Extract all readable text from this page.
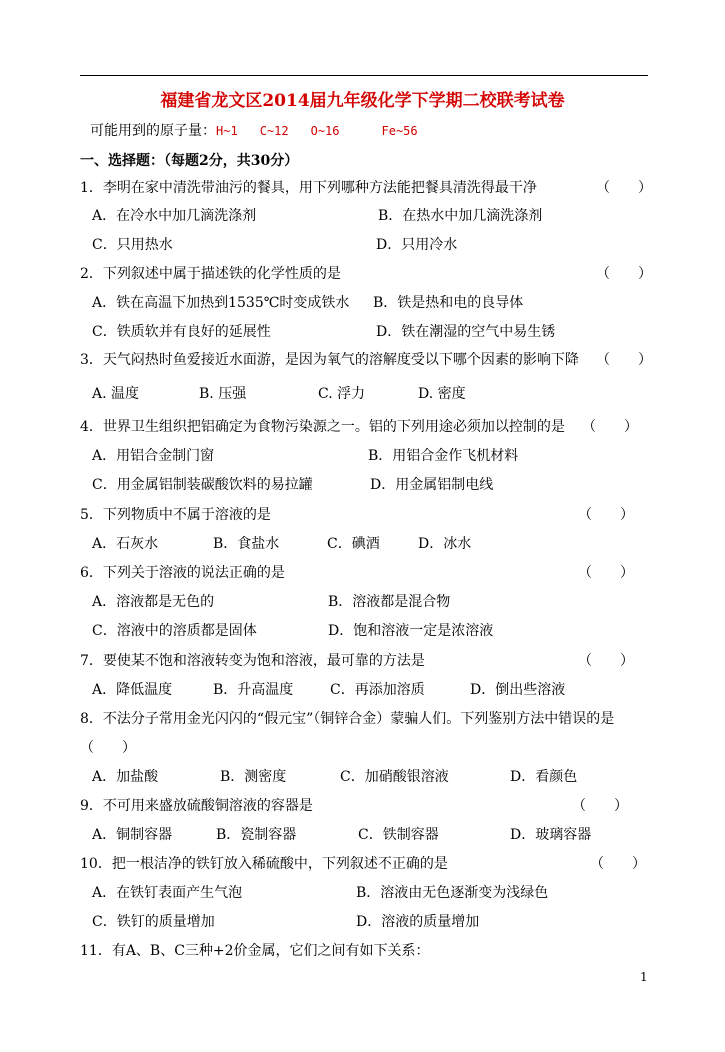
福建省龙文区2014届九年级化学下学期二校联考试卷
可能用到的原子量：H~1 C~12 O~16	Fe~56
一、选择题：（每题2分，共30分）
1．李明在家中清洗带油污的餐具，用下列哪种方法能把餐具清洗得最干净	（　　）
A．在冷水中加几滴洗涤剂	B．在热水中加几滴洗涤剂
C．只用热水	D．只用冷水
2．下列叙述中属于描述铁的化学性质的是	（　　）
A．铁在高温下加热到1535℃时变成铁水 B．铁是热和电的良导体
C．铁质软并有良好的延展性	D．铁在潮湿的空气中易生锈
3．天气闷热时鱼爱接近水面游，是因为氧气的溶解度受以下哪个因素的影响下降 （　　）
A. 温度	B. 压强	C. 浮力	D. 密度
4．世界卫生组织把铝确定为食物污染源之一。铝的下列用途必须加以控制的是 （　　）
A．用铝合金制门窗	B．用铝合金作飞机材料
C．用金属铝制装碳酸饮料的易拉罐	D．用金属铝制电线
5．下列物质中不属于溶液的是	（　　）
A．石灰水	B．食盐水	C．碘酒	D．冰水
6．下列关于溶液的说法正确的是	（　　）
A．溶液都是无色的	B．溶液都是混合物
C．溶液中的溶质都是固体	D．饱和溶液一定是浓溶液
7．要使某不饱和溶液转变为饱和溶液，最可靠的方法是	（　　）
A．降低温度	B．升高温度	C．再添加溶质	D．倒出些溶液
8．不法分子常用金光闪闪的“假元宝”（铜锌合金）蒙骗人们。下列鉴别方法中错误的是
（　　）
A．加盐酸	B．测密度	C．加硝酸银溶液	D．看颜色
9．不可用来盛放硫酸铜溶液的容器是	（　　）
A．铜制容器	B．瓷制容器	C．铁制容器	D．玻璃容器
10．把一根洁净的铁钉放入稀硫酸中，下列叙述不正确的是	（　　）
A．在铁钉表面产生气泡	B．溶液由无色逐渐变为浅绿色
C．铁钉的质量增加	D．溶液的质量增加
11．有A、B、C三种+2价金属，它们之间有如下关系：
1
